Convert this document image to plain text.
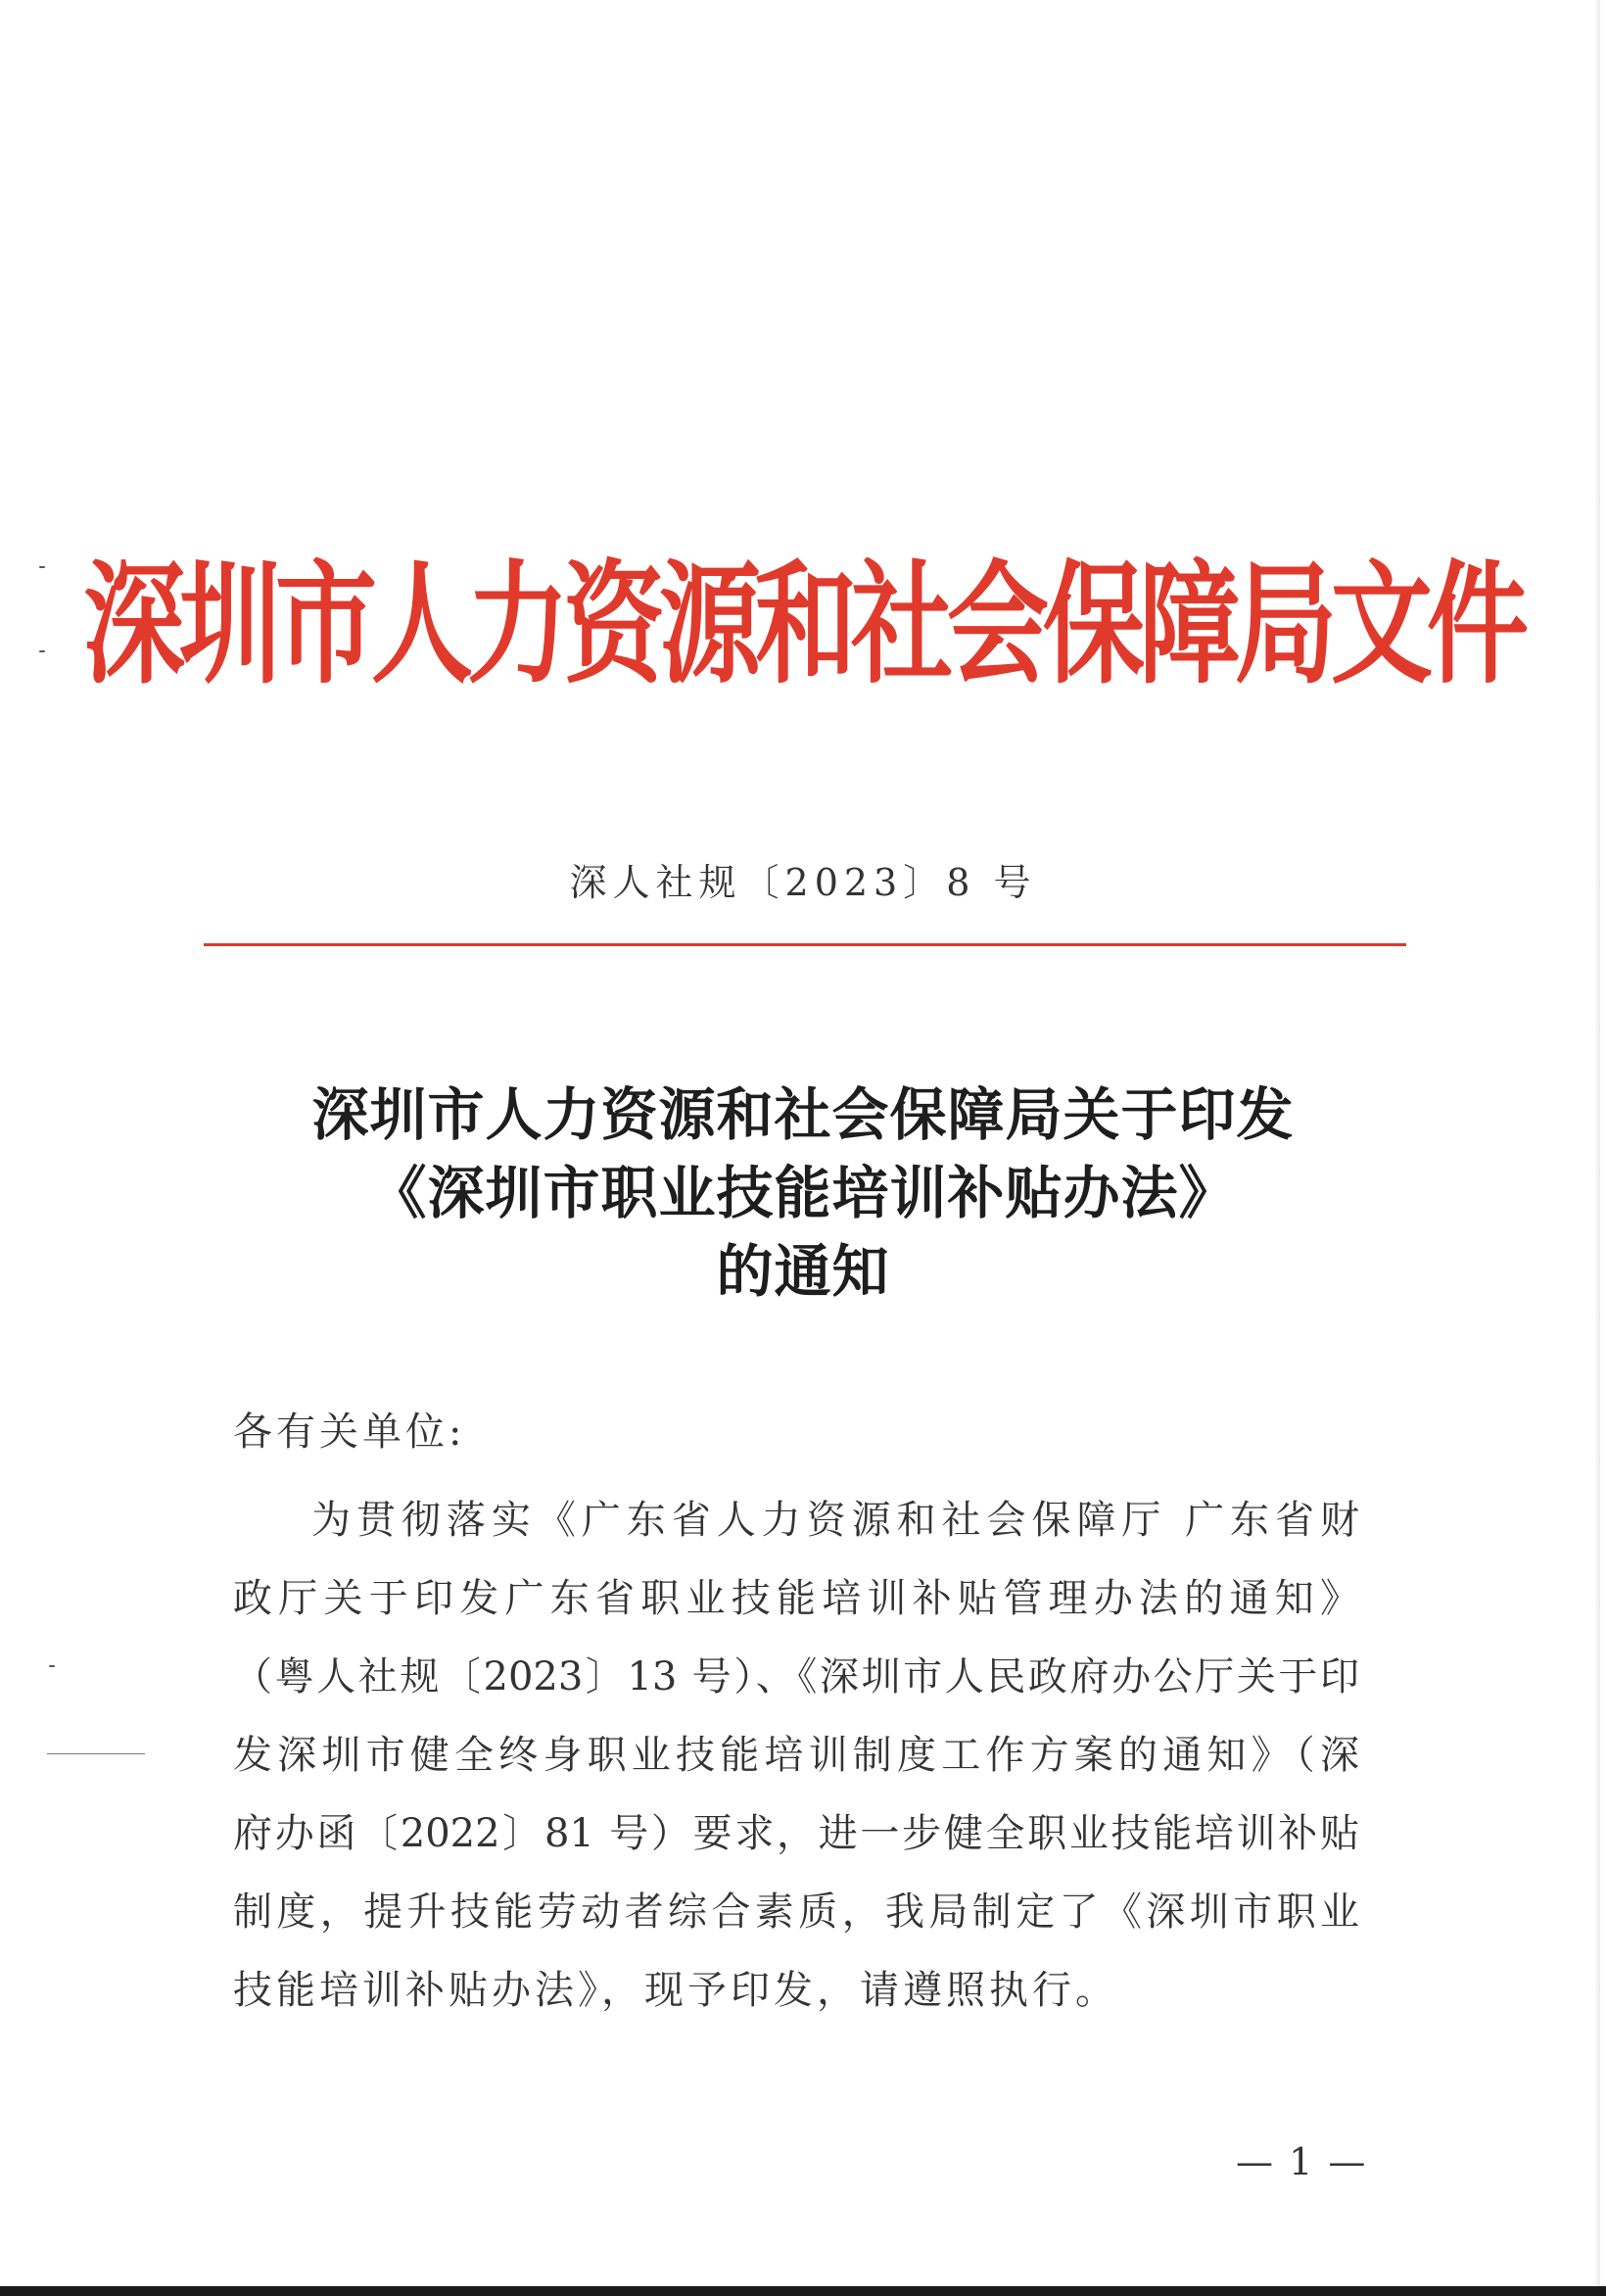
深圳市人力资源和社会保障局文件
深人社规〔2023〕8 号
深圳市人力资源和社会保障局关于印发
《深圳市职业技能培训补贴办法》
的通知
各有关单位:
为贯彻落实《广东省人力资源和社会保障厅 广东省财
政厅关于印发广东省职业技能培训补贴管理办法的通知》
（粤人社规〔2023〕13 号）、《深圳市人民政府办公厅关于印
发深圳市健全终身职业技能培训制度工作方案的通知》（深
府办函〔2022〕81 号）要求，进一步健全职业技能培训补贴
制度，提升技能劳动者综合素质，我局制定了《深圳市职业
技能培训补贴办法》，现予印发，请遵照执行。
— 1 —
